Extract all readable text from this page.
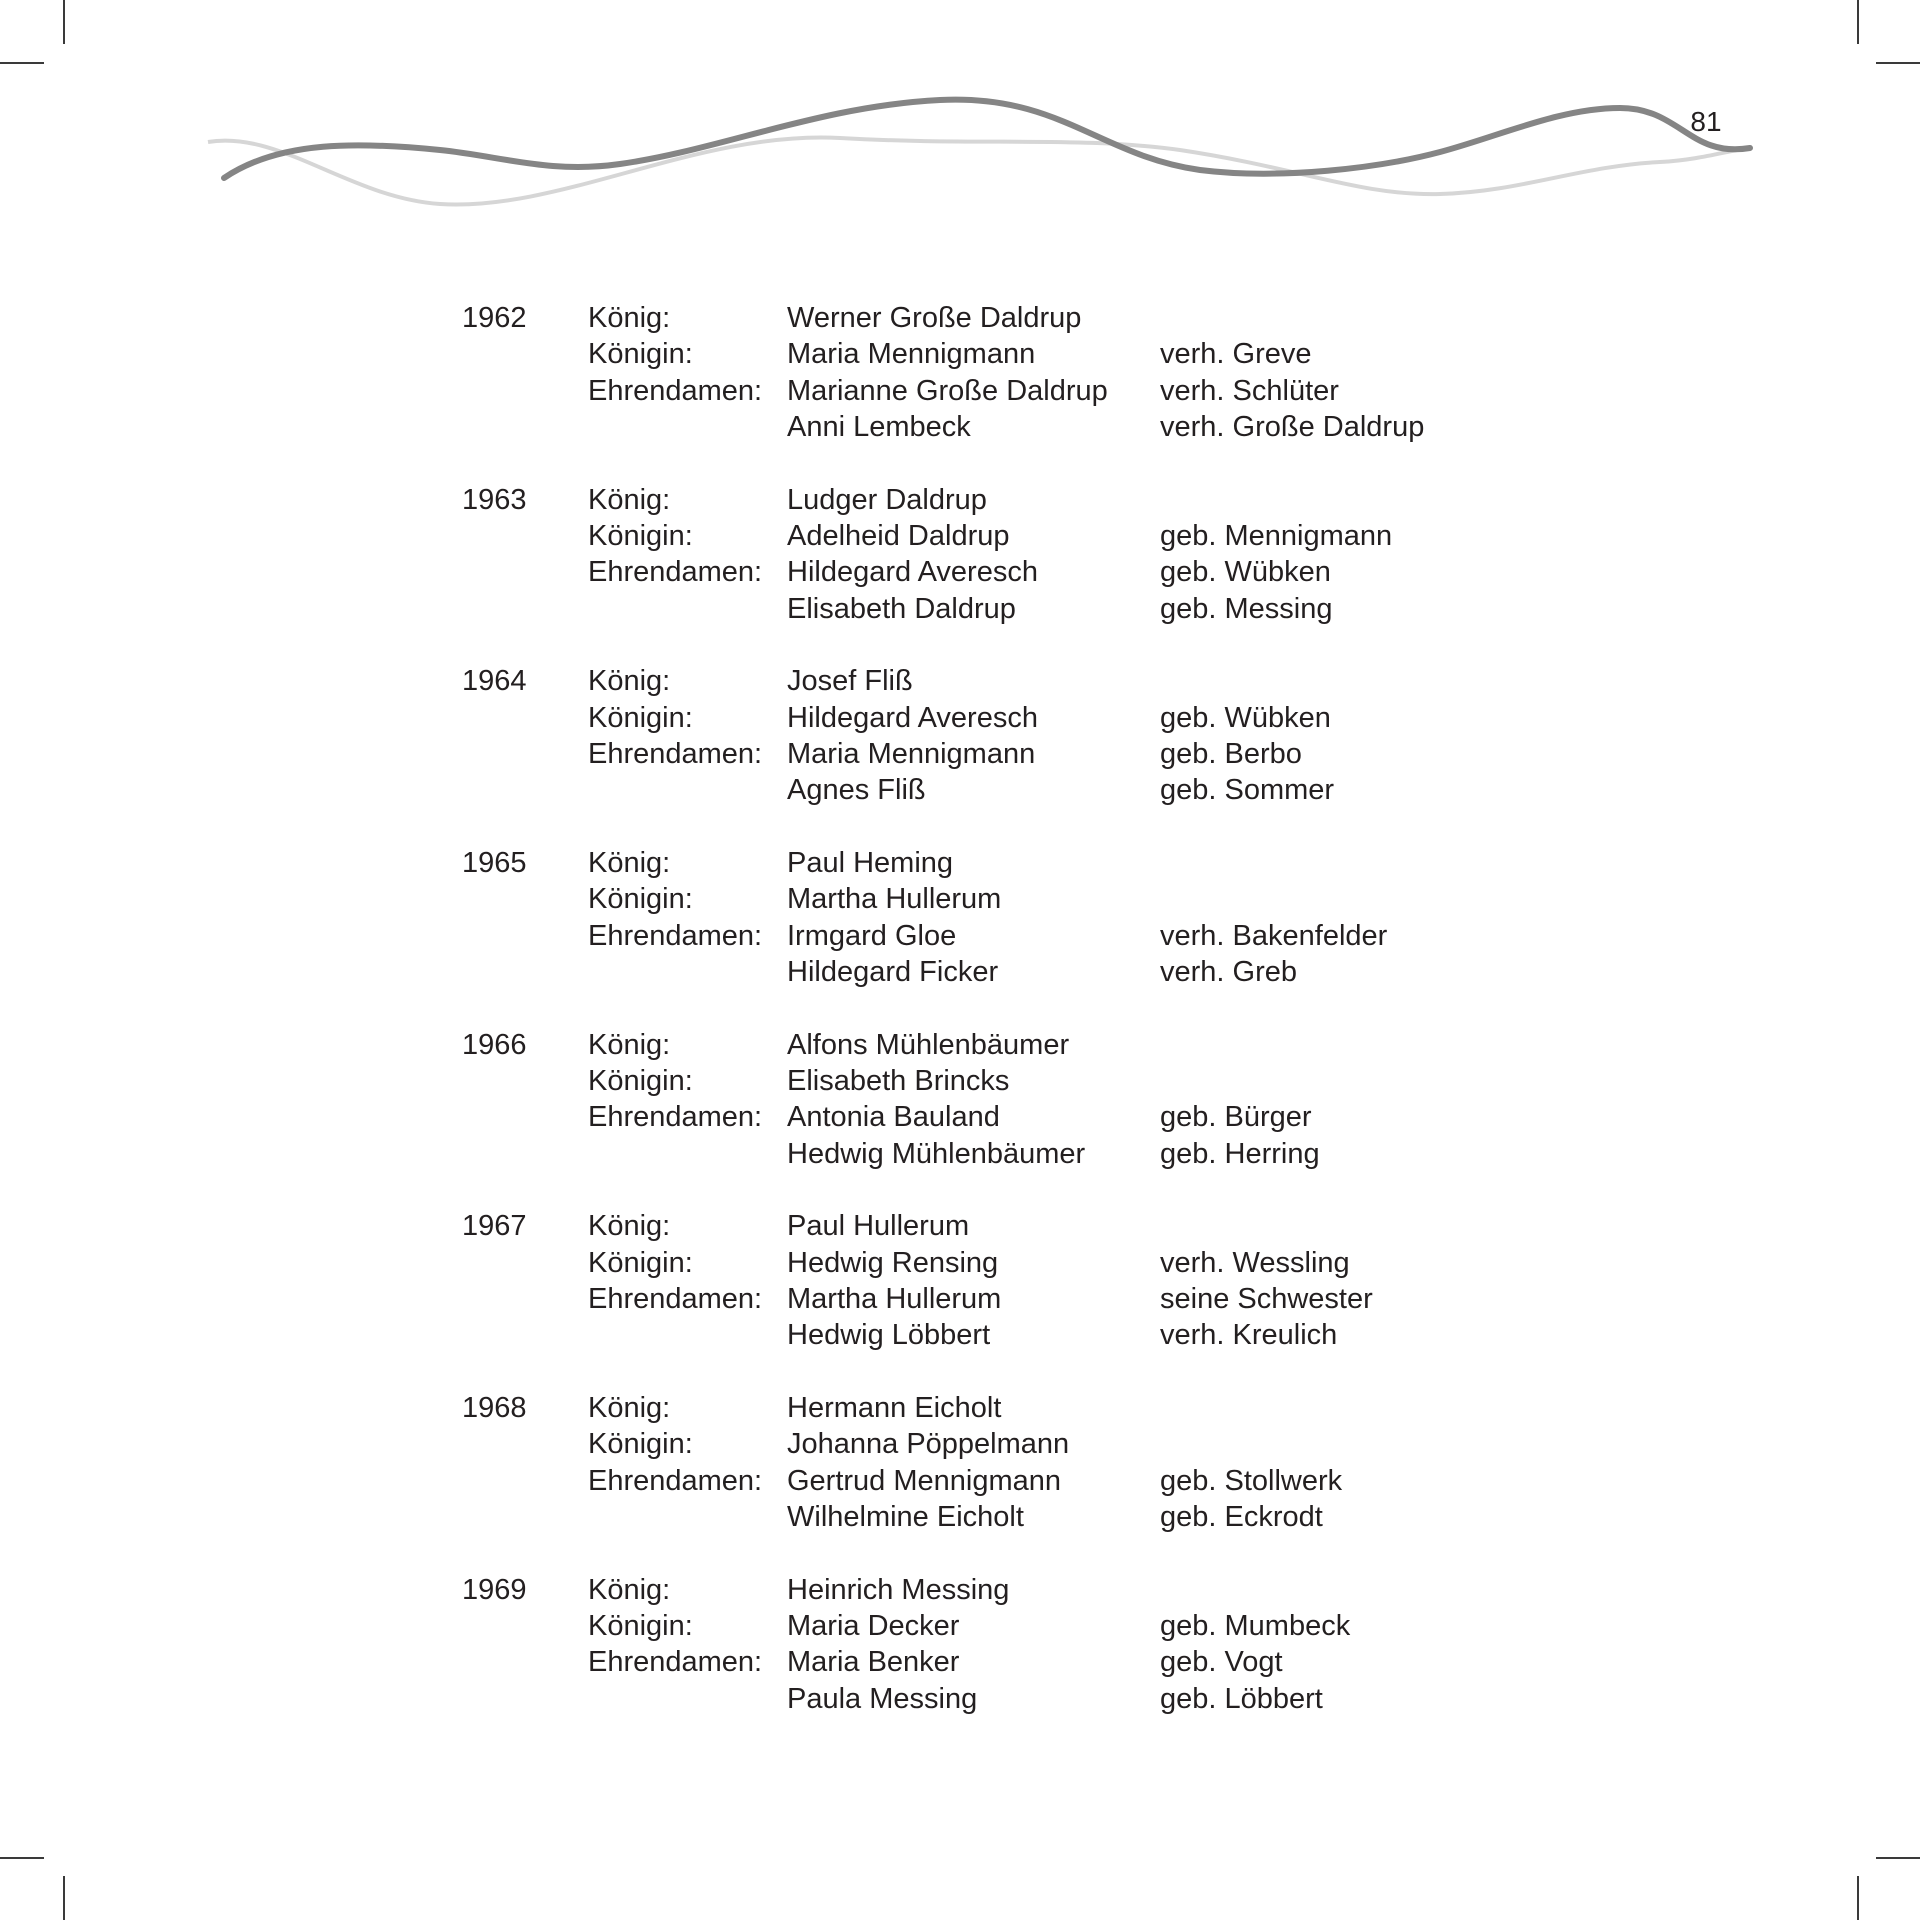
81
1962	König:	Werner Große Daldrup
Königin:	Maria Mennigmann	verh. Greve
Ehrendamen: Marianne Große Daldrup	verh. Schlüter
Anni Lembeck	verh. Große Daldrup
1963	König:	Ludger Daldrup
Königin:	Adelheid Daldrup	geb. Mennigmann
Ehrendamen: Hildegard Averesch	geb. Wübken
Elisabeth Daldrup	geb. Messing
1964	König:	Josef Fliß
Königin:	Hildegard Averesch	geb. Wübken
Ehrendamen: Maria Mennigmann	geb. Berbo
Agnes Fliß	geb. Sommer
1965	König:	Paul Heming
Königin:	Martha Hullerum
Ehrendamen: Irmgard Gloe	verh. Bakenfelder
Hildegard Ficker	verh. Greb
1966	König:	Alfons Mühlenbäumer
Königin:	Elisabeth Brincks
Ehrendamen: Antonia Bauland	geb. Bürger
Hedwig Mühlenbäumer	geb. Herring
1967	König:	Paul Hullerum
Königin:	Hedwig Rensing	verh. Wessling
Ehrendamen: Martha Hullerum	seine Schwester
Hedwig Löbbert	verh. Kreulich
1968	König:	Hermann Eicholt
Königin:	Johanna Pöppelmann
Ehrendamen: Gertrud Mennigmann	geb. Stollwerk
Wilhelmine Eicholt	geb. Eckrodt
1969	König:	Heinrich Messing
Königin:	Maria Decker	geb. Mumbeck
Ehrendamen: Maria Benker	geb. Vogt
Paula Messing	geb. Löbbert
